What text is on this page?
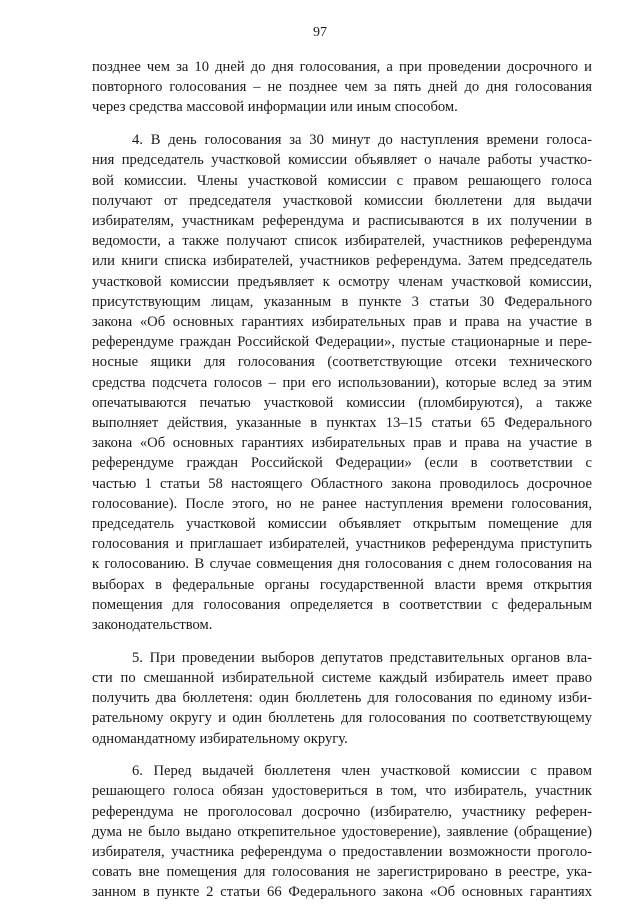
97
позднее чем за 10 дней до дня голосования, а при проведении досрочного и
повторного голосования – не позднее чем за пять дней до дня голосования
через средства массовой информации или иным способом.
4. В день голосования за 30 минут до наступления времени голоса-
ния председатель участковой комиссии объявляет о начале работы участко-
вой комиссии. Члены участковой комиссии с правом решающего голоса
получают от председателя участковой комиссии бюллетени для выдачи
избирателям, участникам референдума и расписываются в их получении в
ведомости, а также получают список избирателей, участников референдума
или книги списка избирателей, участников референдума. Затем председатель
участковой комиссии предъявляет к осмотру членам участковой комиссии,
присутствующим лицам, указанным в пункте 3 статьи 30 Федерального
закона «Об основных гарантиях избирательных прав и права на участие в
референдуме граждан Российской Федерации», пустые стационарные и пере-
носные ящики для голосования (соответствующие отсеки технического
средства подсчета голосов – при его использовании), которые вслед за этим
опечатываются печатью участковой комиссии (пломбируются), а также
выполняет действия, указанные в пунктах 13–15 статьи 65 Федерального
закона «Об основных гарантиях избирательных прав и права на участие в
референдуме граждан Российской Федерации» (если в соответствии с
частью 1 статьи 58 настоящего Областного закона проводилось досрочное
голосование). После этого, но не ранее наступления времени голосования,
председатель участковой комиссии объявляет открытым помещение для
голосования и приглашает избирателей, участников референдума приступить
к голосованию. В случае совмещения дня голосования с днем голосования на
выборах в федеральные органы государственной власти время открытия
помещения для голосования определяется в соответствии с федеральным
законодательством.
5. При проведении выборов депутатов представительных органов вла-
сти по смешанной избирательной системе каждый избиратель имеет право
получить два бюллетеня: один бюллетень для голосования по единому изби-
рательному округу и один бюллетень для голосования по соответствующему
одномандатному избирательному округу.
6. Перед выдачей бюллетеня член участковой комиссии с правом
решающего голоса обязан удостовериться в том, что избиратель, участник
референдума не проголосовал досрочно (избирателю, участнику референ-
дума не было выдано открепительное удостоверение), заявление (обращение)
избирателя, участника референдума о предоставлении возможности проголо-
совать вне помещения для голосования не зарегистрировано в реестре, ука-
занном в пункте 2 статьи 66 Федерального закона «Об основных гарантиях
